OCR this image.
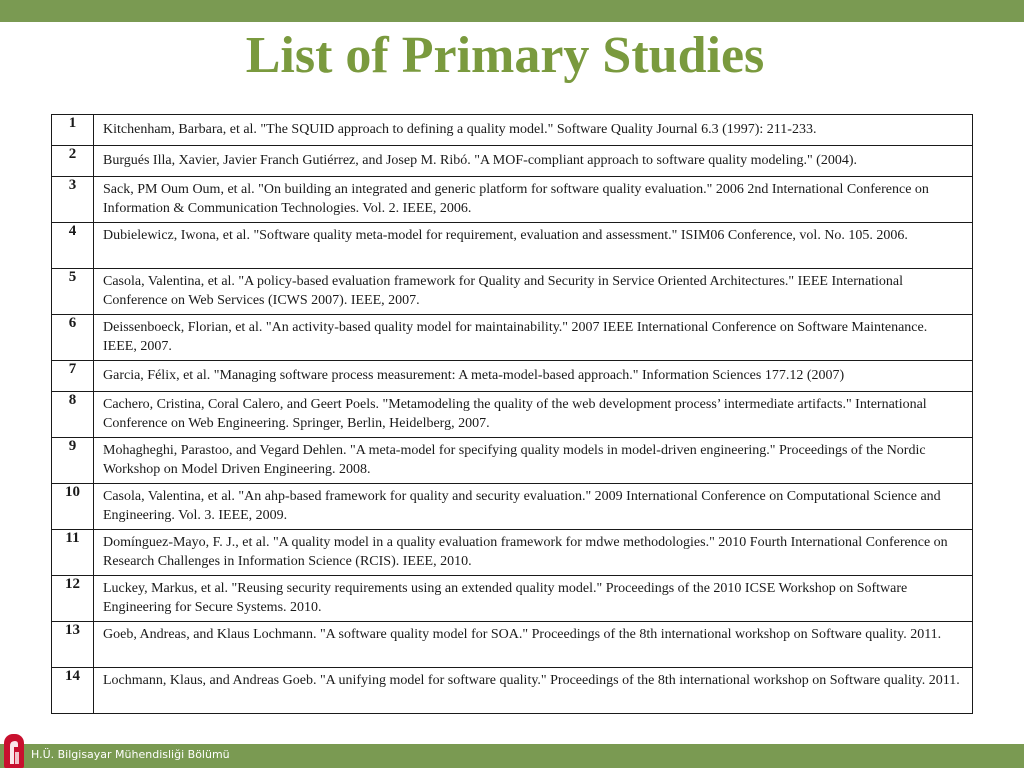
List of Primary Studies
1	Kitchenham, Barbara, et al. "The SQUID approach to defining a quality model." Software Quality Journal 6.3 (1997): 211-233.
2	Burgués Illa, Xavier, Javier Franch Gutiérrez, and Josep M. Ribó. "A MOF-compliant approach to software quality modeling." (2004).
3	Sack, PM Oum Oum, et al. "On building an integrated and generic platform for software quality evaluation." 2006 2nd International Conference on Information & Communication Technologies. Vol. 2. IEEE, 2006.
4	Dubielewicz, Iwona, et al. "Software quality meta-model for requirement, evaluation and assessment." ISIM06 Conference, vol. No. 105. 2006.
5	Casola, Valentina, et al. "A policy-based evaluation framework for Quality and Security in Service Oriented Architectures." IEEE International Conference on Web Services (ICWS 2007). IEEE, 2007.
6	Deissenboeck, Florian, et al. "An activity-based quality model for maintainability." 2007 IEEE International Conference on Software Maintenance. IEEE, 2007.
7	Garcia, Félix, et al. "Managing software process measurement: A meta-model-based approach." Information Sciences 177.12 (2007)
8	Cachero, Cristina, Coral Calero, and Geert Poels. "Metamodeling the quality of the web development process’ intermediate artifacts." International Conference on Web Engineering. Springer, Berlin, Heidelberg, 2007.
9	Mohagheghi, Parastoo, and Vegard Dehlen. "A meta-model for specifying quality models in model-driven engineering." Proceedings of the Nordic Workshop on Model Driven Engineering. 2008.
10	Casola, Valentina, et al. "An ahp-based framework for quality and security evaluation." 2009 International Conference on Computational Science and Engineering. Vol. 3. IEEE, 2009.
11	Domínguez-Mayo, F. J., et al. "A quality model in a quality evaluation framework for mdwe methodologies." 2010 Fourth International Conference on Research Challenges in Information Science (RCIS). IEEE, 2010.
12	Luckey, Markus, et al. "Reusing security requirements using an extended quality model." Proceedings of the 2010 ICSE Workshop on Software Engineering for Secure Systems. 2010.
13	Goeb, Andreas, and Klaus Lochmann. "A software quality model for SOA." Proceedings of the 8th international workshop on Software quality. 2011.
14	Lochmann, Klaus, and Andreas Goeb. "A unifying model for software quality." Proceedings of the 8th international workshop on Software quality. 2011.
H.Ü. Bilgisayar Mühendisliği Bölümü
